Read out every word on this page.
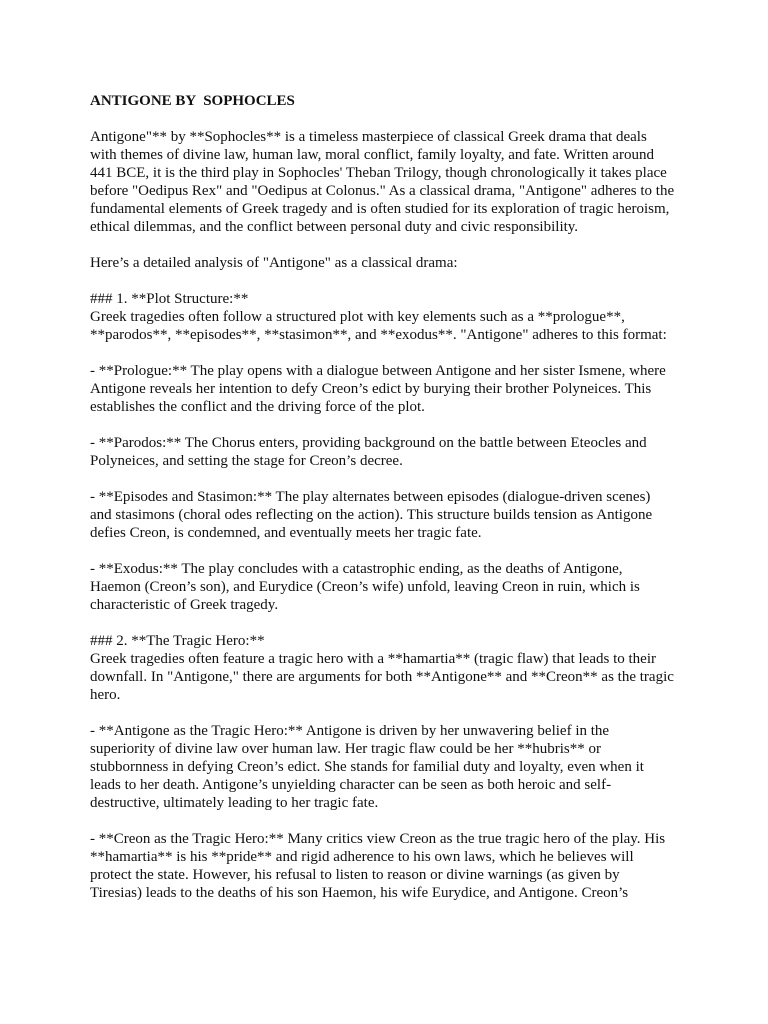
ANTIGONE BY  SOPHOCLES
Antigone"** by **Sophocles** is a timeless masterpiece of classical Greek drama that deals
with themes of divine law, human law, moral conflict, family loyalty, and fate. Written around
441 BCE, it is the third play in Sophocles' Theban Trilogy, though chronologically it takes place
before "Oedipus Rex" and "Oedipus at Colonus." As a classical drama, "Antigone" adheres to the
fundamental elements of Greek tragedy and is often studied for its exploration of tragic heroism,
ethical dilemmas, and the conflict between personal duty and civic responsibility.
Here’s a detailed analysis of "Antigone" as a classical drama:
### 1. **Plot Structure:**
Greek tragedies often follow a structured plot with key elements such as a **prologue**,
**parodos**, **episodes**, **stasimon**, and **exodus**. "Antigone" adheres to this format:
- **Prologue:** The play opens with a dialogue between Antigone and her sister Ismene, where
Antigone reveals her intention to defy Creon’s edict by burying their brother Polyneices. This
establishes the conflict and the driving force of the plot.
- **Parodos:** The Chorus enters, providing background on the battle between Eteocles and
Polyneices, and setting the stage for Creon’s decree.
- **Episodes and Stasimon:** The play alternates between episodes (dialogue-driven scenes)
and stasimons (choral odes reflecting on the action). This structure builds tension as Antigone
defies Creon, is condemned, and eventually meets her tragic fate.
- **Exodus:** The play concludes with a catastrophic ending, as the deaths of Antigone,
Haemon (Creon’s son), and Eurydice (Creon’s wife) unfold, leaving Creon in ruin, which is
characteristic of Greek tragedy.
### 2. **The Tragic Hero:**
Greek tragedies often feature a tragic hero with a **hamartia** (tragic flaw) that leads to their
downfall. In "Antigone," there are arguments for both **Antigone** and **Creon** as the tragic
hero.
- **Antigone as the Tragic Hero:** Antigone is driven by her unwavering belief in the
superiority of divine law over human law. Her tragic flaw could be her **hubris** or
stubbornness in defying Creon’s edict. She stands for familial duty and loyalty, even when it
leads to her death. Antigone’s unyielding character can be seen as both heroic and self-
destructive, ultimately leading to her tragic fate.
- **Creon as the Tragic Hero:** Many critics view Creon as the true tragic hero of the play. His
**hamartia** is his **pride** and rigid adherence to his own laws, which he believes will
protect the state. However, his refusal to listen to reason or divine warnings (as given by
Tiresias) leads to the deaths of his son Haemon, his wife Eurydice, and Antigone. Creon’s
